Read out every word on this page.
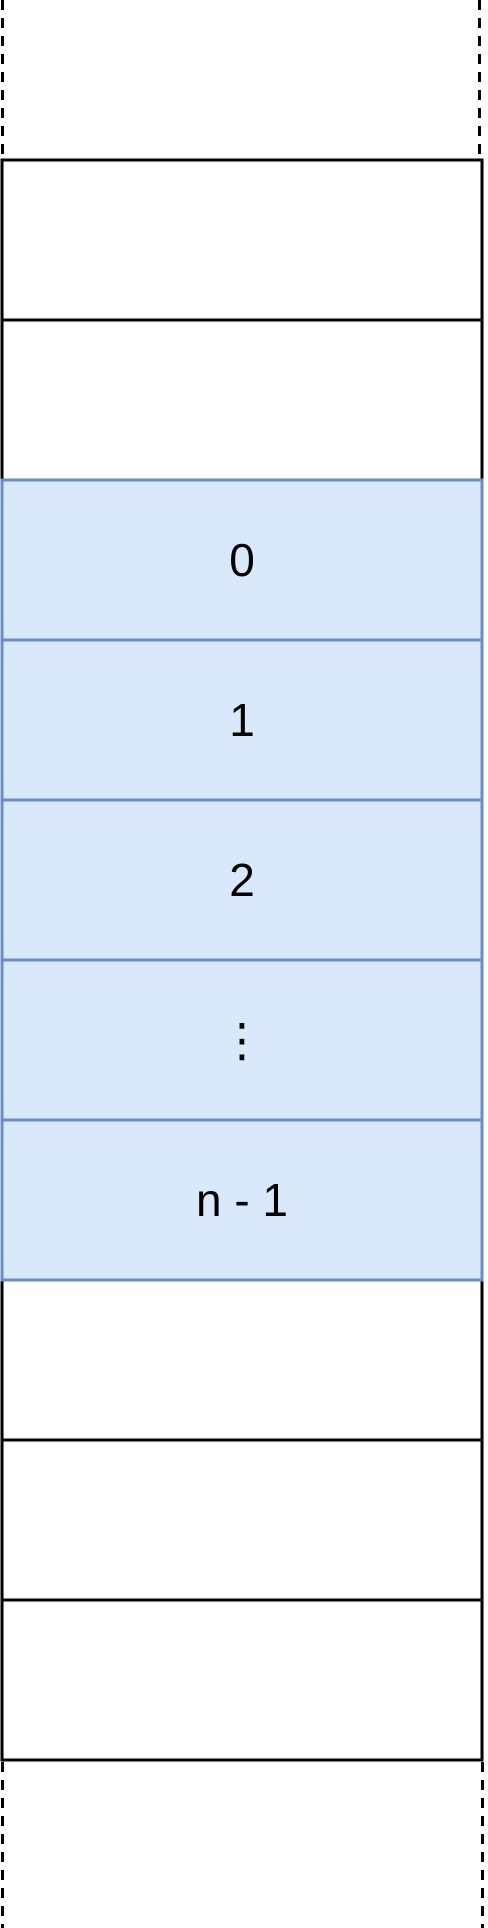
0
1
2
⋮
n - 1
